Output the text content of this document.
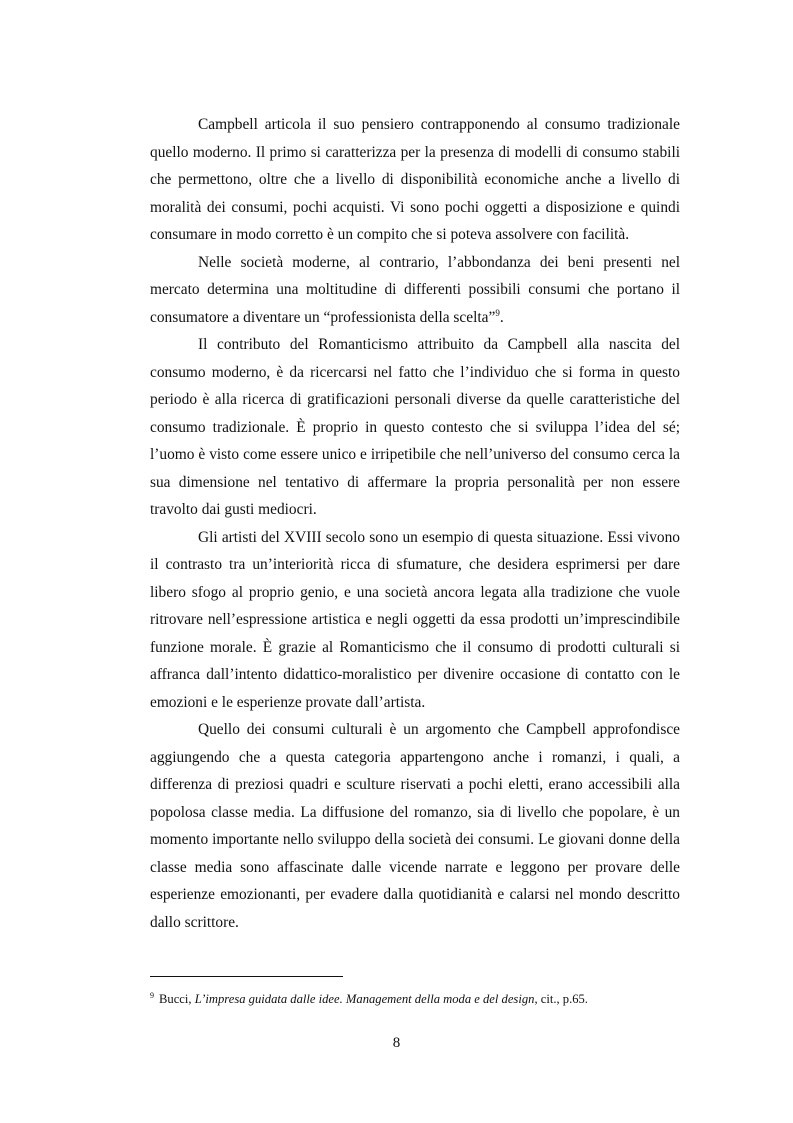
Campbell articola il suo pensiero contrapponendo al consumo tradizionale quello moderno. Il primo si caratterizza per la presenza di modelli di consumo stabili che permettono, oltre che a livello di disponibilità economiche anche a livello di moralità dei consumi, pochi acquisti. Vi sono pochi oggetti a disposizione e quindi consumare in modo corretto è un compito che si poteva assolvere con facilità.

Nelle società moderne, al contrario, l’abbondanza dei beni presenti nel mercato determina una moltitudine di differenti possibili consumi che portano il consumatore a diventare un “professionista della scelta”$^9$.

Il contributo del Romanticismo attribuito da Campbell alla nascita del consumo moderno, è da ricercarsi nel fatto che l’individuo che si forma in questo periodo è alla ricerca di gratificazioni personali diverse da quelle caratteristiche del consumo tradizionale. È proprio in questo contesto che si sviluppa l’idea del sé; l’uomo è visto come essere unico e irripetibile che nell’universo del consumo cerca la sua dimensione nel tentativo di affermare la propria personalità per non essere travolto dai gusti mediocri.

Gli artisti del XVIII secolo sono un esempio di questa situazione. Essi vivono il contrasto tra un’interiorità ricca di sfumature, che desidera esprimersi per dare libero sfogo al proprio genio, e una società ancora legata alla tradizione che vuole ritrovare nell’espressione artistica e negli oggetti da essa prodotti un’imprescindibile funzione morale. È grazie al Romanticismo che il consumo di prodotti culturali si affranca dall’intento didattico-moralistico per divenire occasione di contatto con le emozioni e le esperienze provate dall’artista.

Quello dei consumi culturali è un argomento che Campbell approfondisce aggiungendo che a questa categoria appartengono anche i romanzi, i quali, a differenza di preziosi quadri e sculture riservati a pochi eletti, erano accessibili alla popolosa classe media. La diffusione del romanzo, sia di livello che popolare, è un momento importante nello sviluppo della società dei consumi. Le giovani donne della classe media sono affascinate dalle vicende narrate e leggono per provare delle esperienze emozionanti, per evadere dalla quotidianità e calarsi nel mondo descritto dallo scrittore.

$^9$ Bucci, L’impresa guidata dalle idee. Management della moda e del design, cit., p.65.
8
